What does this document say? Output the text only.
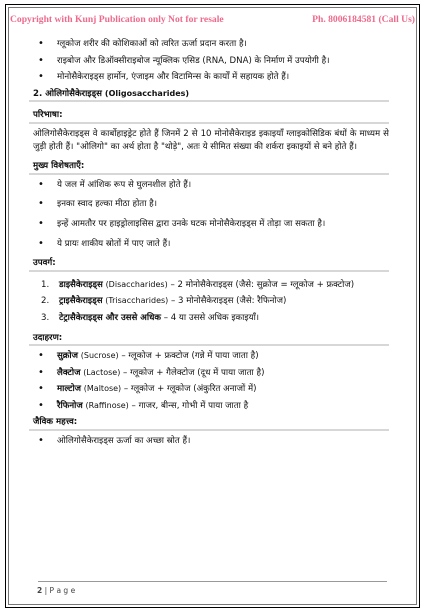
Copyright with Kunj Publication only Not for resale	Ph. 8006184581 (Call Us)
• ग्लूकोज शरीर की कोशिकाओं को त्वरित ऊर्जा प्रदान करता है।
• राइबोज और डिऑक्सीराइबोज न्यूक्लिक एसिड (RNA, DNA) के निर्माण में उपयोगी है।
• मोनोसैकेराइड्स हार्मोन, एंजाइम और विटामिन्स के कार्यों में सहायक होते हैं।
2. ओलिगोसैकेराइड्स (Oligosaccharides)
परिभाषा:
ओलिगोसैकेराइड्स वे कार्बोहाइड्रेट होते हैं जिनमें 2 से 10 मोनोसैकेराइड इकाइयाँ ग्लाइकोसिडिक बंधों के माध्यम से जुड़ी होती हैं। "ओलिगो" का अर्थ होता है "थोड़े", अतः ये सीमित संख्या की शर्करा इकाइयों से बने होते हैं।
मुख्य विशेषताएँ:
• ये जल में आंशिक रूप से घुलनशील होते हैं।
• इनका स्वाद हल्का मीठा होता है।
• इन्हें आमतौर पर हाइड्रोलाइसिस द्वारा उनके घटक मोनोसैकेराइड्स में तोड़ा जा सकता है।
• ये प्रायः शाकीय स्रोतों में पाए जाते हैं।
उपवर्ग:
1. डाइसैकेराइड्स (Disaccharides) – 2 मोनोसैकेराइड्स (जैसे: सुक्रोज = ग्लूकोज + फ्रक्टोज)
2. ट्राइसैकेराइड्स (Trisaccharides) – 3 मोनोसैकेराइड्स (जैसे: रैफिनोज)
3. टेट्रासैकेराइड्स और उससे अधिक – 4 या उससे अधिक इकाइयाँ।
उदाहरण:
• सुक्रोज (Sucrose) – ग्लूकोज + फ्रक्टोज (गन्ने में पाया जाता है)
• लैक्टोज (Lactose) – ग्लूकोज + गैलेक्टोज (दूध में पाया जाता है)
• माल्टोज (Maltose) – ग्लूकोज + ग्लूकोज (अंकुरित अनाजों में)
• रैफिनोज (Raffinose) – गाजर, बीन्स, गोभी में पाया जाता है
जैविक महत्त्व:
• ओलिगोसैकेराइड्स ऊर्जा का अच्छा स्रोत हैं।
2 | P a g e
